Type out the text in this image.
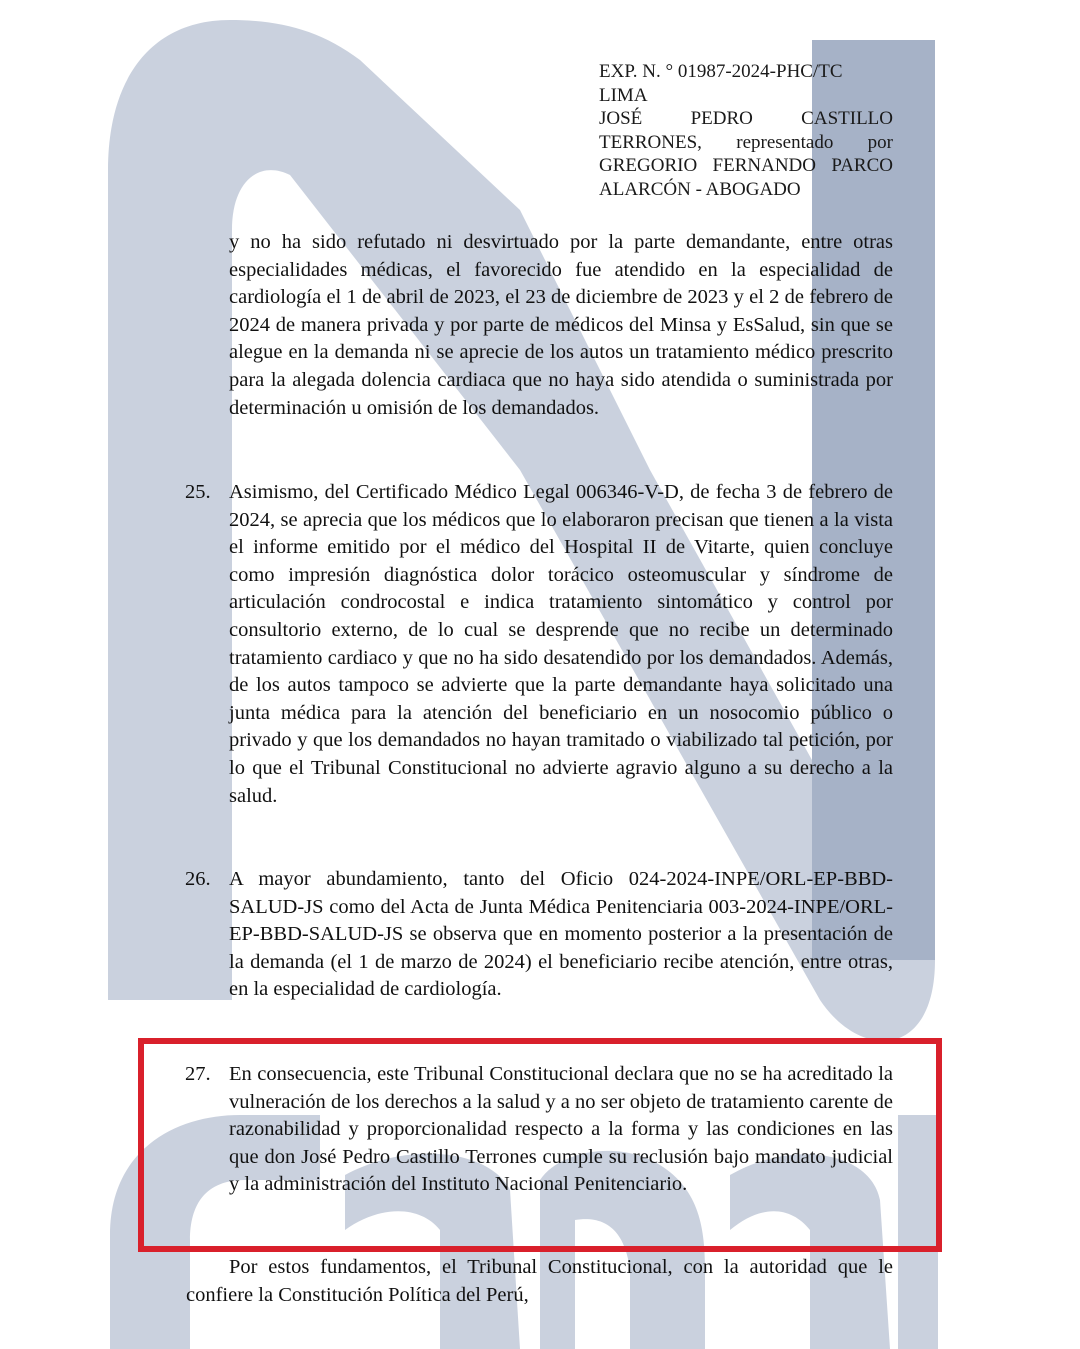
EXP. N. ° 01987-2024-PHC/TC
LIMA
JOSÉ PEDRO CASTILLO
TERRONES, representado por
GREGORIO FERNANDO PARCO
ALARCÓN - ABOGADO
y no ha sido refutado ni desvirtuado por la parte demandante, entre otras especialidades médicas, el favorecido fue atendido en la especialidad de cardiología el 1 de abril de 2023, el 23 de diciembre de 2023 y el 2 de febrero de 2024 de manera privada y por parte de médicos del Minsa y EsSalud, sin que se alegue en la demanda ni se aprecie de los autos un tratamiento médico prescrito para la alegada dolencia cardiaca que no haya sido atendida o suministrada por determinación u omisión de los demandados.
25. Asimismo, del Certificado Médico Legal 006346-V-D, de fecha 3 de febrero de 2024, se aprecia que los médicos que lo elaboraron precisan que tienen a la vista el informe emitido por el médico del Hospital II de Vitarte, quien concluye como impresión diagnóstica dolor torácico osteomuscular y síndrome de articulación condrocostal e indica tratamiento sintomático y control por consultorio externo, de lo cual se desprende que no recibe un determinado tratamiento cardiaco y que no ha sido desatendido por los demandados. Además, de los autos tampoco se advierte que la parte demandante haya solicitado una junta médica para la atención del beneficiario en un nosocomio público o privado y que los demandados no hayan tramitado o viabilizado tal petición, por lo que el Tribunal Constitucional no advierte agravio alguno a su derecho a la salud.
26. A mayor abundamiento, tanto del Oficio 024-2024-INPE/ORL-EP-BBD-SALUD-JS como del Acta de Junta Médica Penitenciaria 003-2024-INPE/ORL-EP-BBD-SALUD-JS se observa que en momento posterior a la presentación de la demanda (el 1 de marzo de 2024) el beneficiario recibe atención, entre otras, en la especialidad de cardiología.
27. En consecuencia, este Tribunal Constitucional declara que no se ha acreditado la vulneración de los derechos a la salud y a no ser objeto de tratamiento carente de razonabilidad y proporcionalidad respecto a la forma y las condiciones en las que don José Pedro Castillo Terrones cumple su reclusión bajo mandato judicial y la administración del Instituto Nacional Penitenciario.
Por estos fundamentos, el Tribunal Constitucional, con la autoridad que le confiere la Constitución Política del Perú,
